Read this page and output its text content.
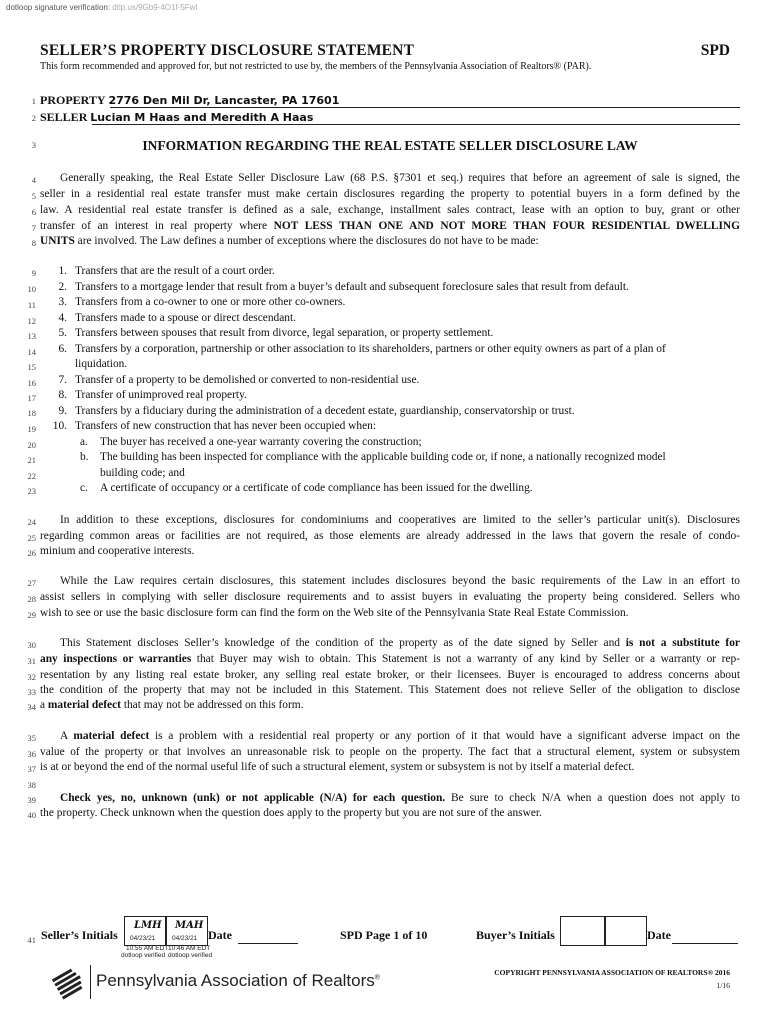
dotloop signature verification: dtlp.us/9Gb9-4O1f-5Fwl
SELLER’S PROPERTY DISCLOSURE STATEMENT	SPD
This form recommended and approved for, but not restricted to use by, the members of the Pennsylvania Association of Realtors® (PAR).
1
2
3
4
5
6
7
8
9
10
11
12
13
14
15
16
17
18
19
20
21
22
23
24
25
26
27
28
29
30
31
32
33
34
35
36
37
38
39
40
41
PROPERTY 2776 Den Mil Dr, Lancaster, PA 17601
SELLER Lucian M Haas and Meredith A Haas
INFORMATION REGARDING THE REAL ESTATE SELLER DISCLOSURE LAW
Generally speaking, the Real Estate Seller Disclosure Law (68 P.S. §7301 et seq.) requires that before an agreement of sale is signed, the
seller in a residential real estate transfer must make certain disclosures regarding the property to potential buyers in a form defined by the
law. A residential real estate transfer is defined as a sale, exchange, installment sales contract, lease with an option to buy, grant or other
transfer of an interest in real property where NOT LESS THAN ONE AND NOT MORE THAN FOUR RESIDENTIAL DWELLING
UNITS are involved. The Law defines a number of exceptions where the disclosures do not have to be made:
1. Transfers that are the result of a court order.
2. Transfers to a mortgage lender that result from a buyer’s default and subsequent foreclosure sales that result from default.
3. Transfers from a co-owner to one or more other co-owners.
4. Transfers made to a spouse or direct descendant.
5. Transfers between spouses that result from divorce, legal separation, or property settlement.
6. Transfers by a corporation, partnership or other association to its shareholders, partners or other equity owners as part of a plan of
liquidation.
7. Transfer of a property to be demolished or converted to non-residential use.
8. Transfer of unimproved real property.
9. Transfers by a fiduciary during the administration of a decedent estate, guardianship, conservatorship or trust.
10. Transfers of new construction that has never been occupied when:
a. The buyer has received a one-year warranty covering the construction;
b. The building has been inspected for compliance with the applicable building code or, if none, a nationally recognized model
building code; and
c. A certificate of occupancy or a certificate of code compliance has been issued for the dwelling.
In addition to these exceptions, disclosures for condominiums and cooperatives are limited to the seller’s particular unit(s). Disclosures
regarding common areas or facilities are not required, as those elements are already addressed in the laws that govern the resale of condo-
minium and cooperative interests.
While the Law requires certain disclosures, this statement includes disclosures beyond the basic requirements of the Law in an effort to
assist sellers in complying with seller disclosure requirements and to assist buyers in evaluating the property being considered. Sellers who
wish to see or use the basic disclosure form can find the form on the Web site of the Pennsylvania State Real Estate Commission.
This Statement discloses Seller’s knowledge of the condition of the property as of the date signed by Seller and is not a substitute for
any inspections or warranties that Buyer may wish to obtain. This Statement is not a warranty of any kind by Seller or a warranty or rep-
resentation by any listing real estate broker, any selling real estate broker, or their licensees. Buyer is encouraged to address concerns about
the condition of the property that may not be included in this Statement. This Statement does not relieve Seller of the obligation to disclose
a material defect that may not be addressed on this form.
A material defect is a problem with a residential real property or any portion of it that would have a significant adverse impact on the
value of the property or that involves an unreasonable risk to people on the property. The fact that a structural element, system or subsystem
is at or beyond the end of the normal useful life of such a structural element, system or subsystem is not by itself a material defect.
Check yes, no, unknown (unk) or not applicable (N/A) for each question. Be sure to check N/A when a question does not apply to
the property. Check unknown when the question does apply to the property but you are not sure of the answer.
Seller’s Initials
LMH
04/23/21
MAH
04/23/21
10:55 AM EDT 10:46 AM EDT
dotloop verified dotloop verified
Date	SPD Page 1 of 10	Buyer’s Initials	Date
Pennsylvania Association of Realtors®
COPYRIGHT PENNSYLVANIA ASSOCIATION OF REALTORS® 2016
1/16
